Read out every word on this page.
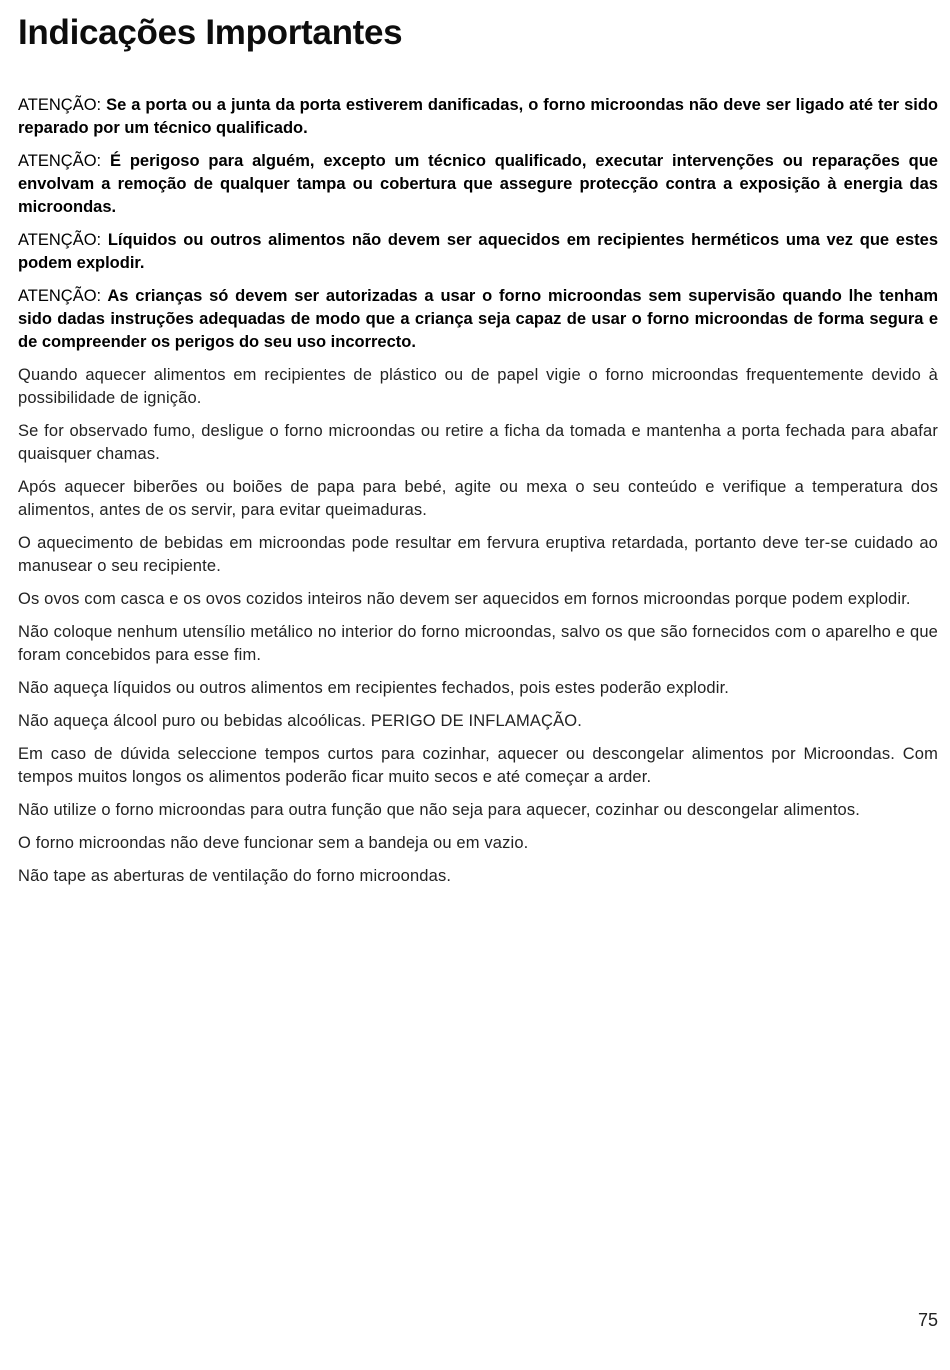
Indicações Importantes

ATENÇÃO: Se a porta ou a junta da porta estiverem danificadas, o forno microondas não deve ser ligado até ter sido reparado por um técnico qualificado.

ATENÇÃO: É perigoso para alguém, excepto um técnico qualificado, executar intervenções ou reparações que envolvam a remoção de qualquer tampa ou cobertura que assegure protecção contra a exposição à energia das microondas.

ATENÇÃO: Líquidos ou outros alimentos não devem ser aquecidos em recipientes herméticos uma vez que estes podem explodir.

ATENÇÃO: As crianças só devem ser autorizadas a usar o forno microondas sem supervisão quando lhe tenham sido dadas instruções adequadas de modo que a criança seja capaz de usar o forno microondas de forma segura e de compreender os perigos do seu uso incorrecto.

Quando aquecer alimentos em recipientes de plástico ou de papel vigie o forno microondas frequentemente devido à possibilidade de ignição.

Se for observado fumo, desligue o forno microondas ou retire a ficha da tomada e mantenha a porta fechada para abafar quaisquer chamas.

Após aquecer biberões ou boiões de papa para bebé, agite ou mexa o seu conteúdo e verifique a temperatura dos alimentos, antes de os servir, para evitar queimaduras.

O aquecimento de bebidas em microondas pode resultar em fervura eruptiva retardada, portanto deve ter-se cuidado ao manusear o seu recipiente.

Os ovos com casca e os ovos cozidos inteiros não devem ser aquecidos em fornos microondas porque podem explodir.

Não coloque nenhum utensílio metálico no interior do forno microondas, salvo os que são fornecidos com o aparelho e que foram concebidos para esse fim.

Não aqueça líquidos ou outros alimentos em recipientes fechados, pois estes poderão explodir.

Não aqueça álcool puro ou bebidas alcoólicas. PERIGO DE INFLAMAÇÃO.

Em caso de dúvida seleccione tempos curtos para cozinhar, aquecer ou descongelar alimentos por Microondas. Com tempos muitos longos os alimentos poderão ficar muito secos e até começar a arder.

Não utilize o forno microondas para outra função que não seja para aquecer, cozinhar ou descongelar alimentos.

O forno microondas não deve funcionar sem a bandeja ou em vazio.

Não tape as aberturas de ventilação do forno microondas.

75
